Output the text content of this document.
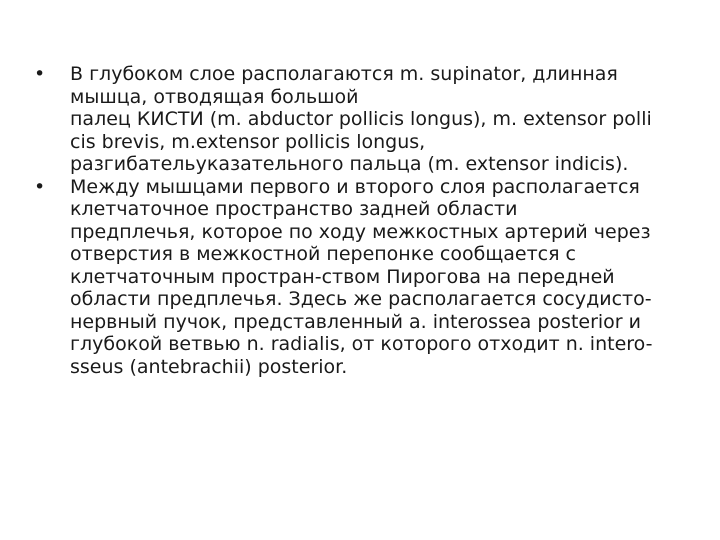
•	В глубоком слое располагаются m. supinator, длинная
мышца, отводящая большой
палец КИСТИ (m. abductor pollicis longus), m. extensor polli
cis brevis, m.extensor pollicis longus,
разгибательуказательного пальца (m. extensor indicis).
•	Между мышцами первого и второго слоя располагается
клетчаточное пространство задней области
предплечья, которое по ходу межкостных артерий через
отверстия в межкостной перепонке сообщается с
клетчаточным простран-ством Пирогова на передней
области предплечья. Здесь же располагается сосудисто-
нервный пучок, представленный a. interossea posterior и
глубокой ветвью n. radialis, от которого отходит n. intero-
sseus (antebrachii) posterior.
